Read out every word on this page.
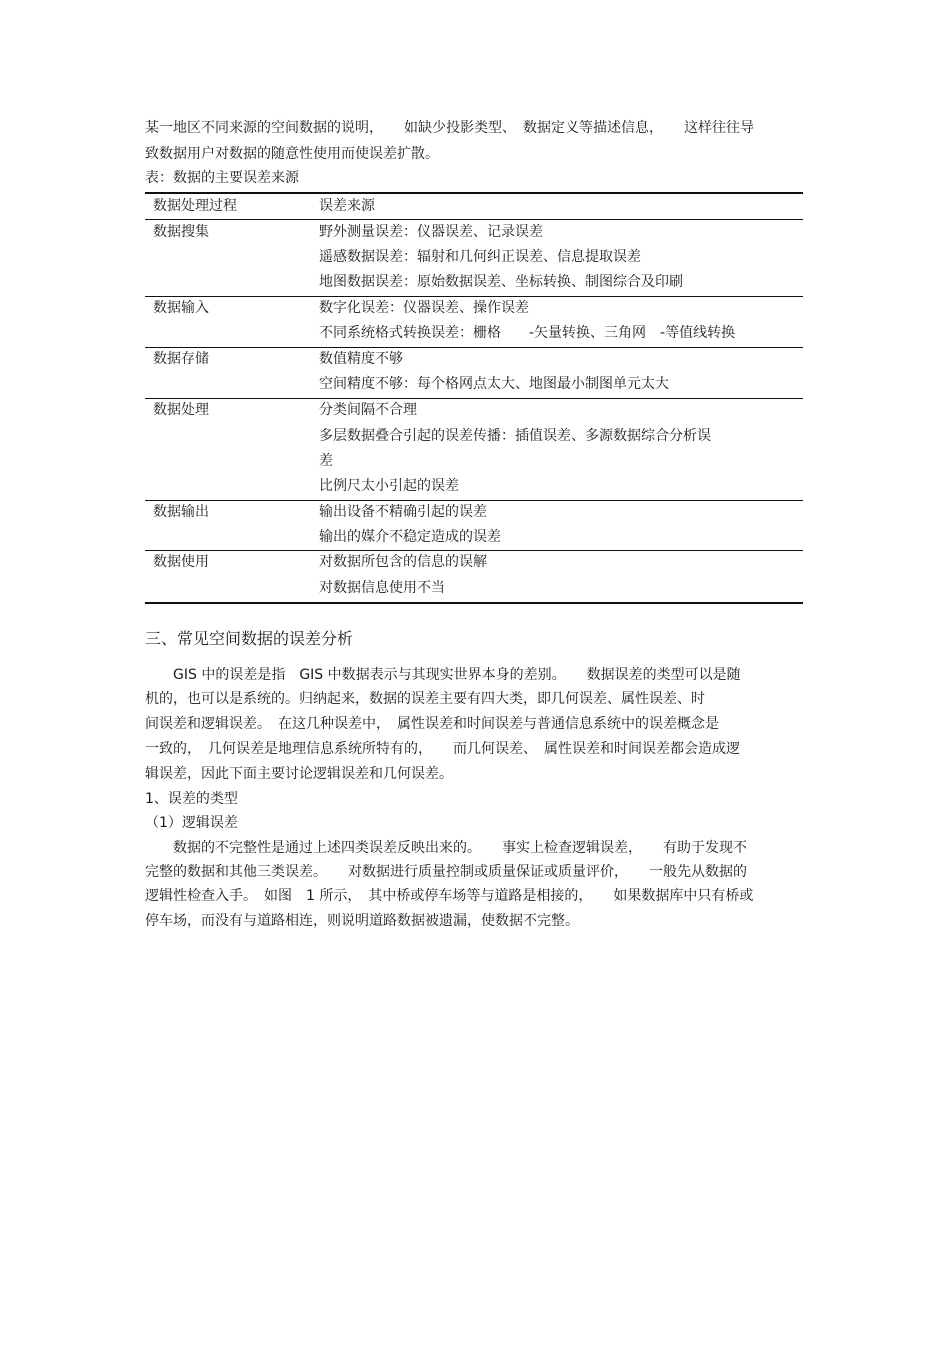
某一地区不同来源的空间数据的说明，　　如缺少投影类型、　数据定义等描述信息，　　这样往往导
致数据用户对数据的随意性使用而使误差扩散。
表：数据的主要误差来源
数据处理过程	误差来源
数据搜集	野外测量误差：仪器误差、记录误差
遥感数据误差：辐射和几何纠正误差、信息提取误差
地图数据误差：原始数据误差、坐标转换、制图综合及印刷
数据输入	数字化误差：仪器误差、操作误差
不同系统格式转换误差：栅格　　-矢量转换、三角网　-等值线转换
数据存储	数值精度不够
空间精度不够：每个格网点太大、地图最小制图单元太大
数据处理	分类间隔不合理
多层数据叠合引起的误差传播：插值误差、多源数据综合分析误
差
比例尺太小引起的误差
数据输出	输出设备不精确引起的误差
输出的媒介不稳定造成的误差
数据使用	对数据所包含的信息的误解
对数据信息使用不当
三、常见空间数据的误差分析
　　GIS 中的误差是指　GIS 中数据表示与其现实世界本身的差别。　　数据误差的类型可以是随
机的，也可以是系统的。归纳起来，数据的误差主要有四大类，即几何误差、属性误差、时
间误差和逻辑误差。　在这几种误差中，　属性误差和时间误差与普通信息系统中的误差概念是
一致的，　几何误差是地理信息系统所特有的，　　而几何误差、　属性误差和时间误差都会造成逻
辑误差，因此下面主要讨论逻辑误差和几何误差。
1、误差的类型
（1）逻辑误差
　　数据的不完整性是通过上述四类误差反映出来的。　　事实上检查逻辑误差，　　有助于发现不
完整的数据和其他三类误差。　　对数据进行质量控制或质量保证或质量评价，　　一般先从数据的
逻辑性检查入手。　如图　1 所示，　其中桥或停车场等与道路是相接的，　　如果数据库中只有桥或
停车场，而没有与道路相连，则说明道路数据被遗漏，使数据不完整。
